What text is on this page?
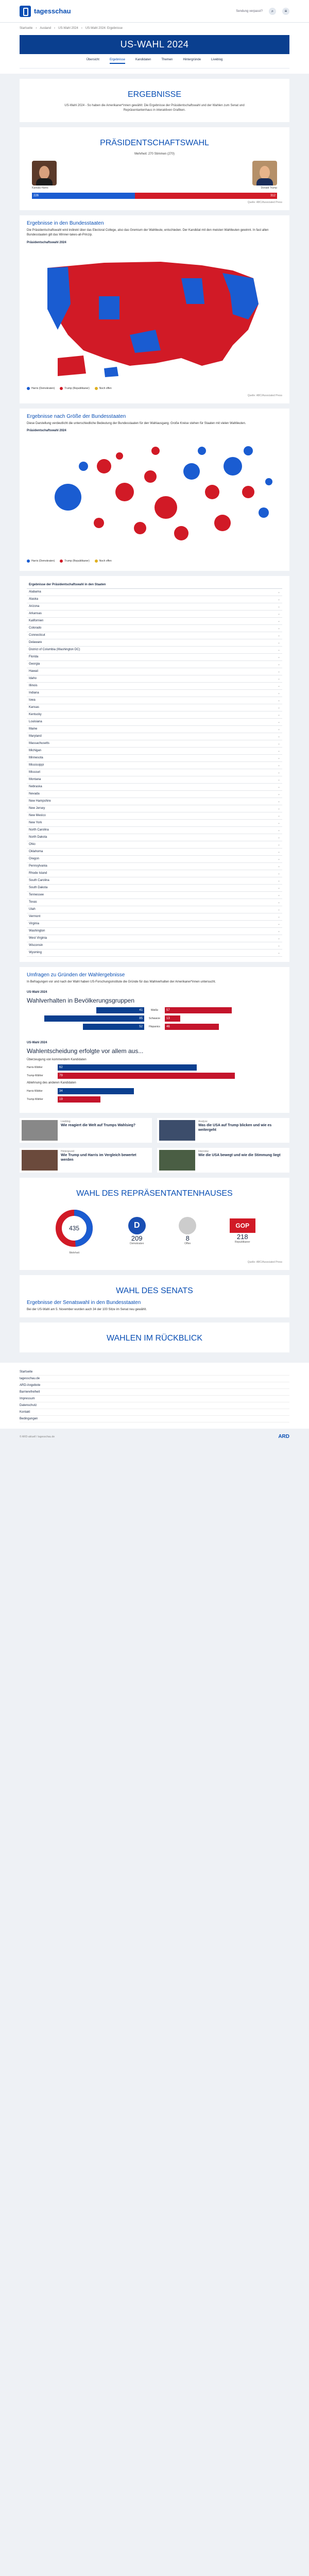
tagesschau	Sendung verpasst?	⌕	≡
Startseite › Ausland › US-Wahl 2024 › US-Wahl 2024: Ergebnisse
US-WAHL 2024
Übersicht	Ergebnisse	Kandidaten	Themen	Hintergründe	Liveblog
ERGEBNISSE
US-Wahl 2024 - So haben die Amerikaner*innen gewählt: Die Ergebnisse der Präsidentschaftswahl und der Wahlen zum Senat und Repräsentantenhaus in interaktiven Grafiken.
PRÄSIDENTSCHAFTSWAHL
Mehrheit: 270 Stimmen (270)
Kamala Harris	Donald Trump
226	312
Quelle: ABC/Associated Press
Ergebnisse in den Bundesstaaten
Die Präsidentschaftswahl wird indirekt über das Electoral College, also das Gremium der Wahlleute, entschieden. Der Kandidat mit den meisten Wahlleuten gewinnt. In fast allen Bundesstaaten gilt das Winner-takes-all-Prinzip.
Präsidentschaftswahl 2024
Harris (Demokraten)	Trump (Republikaner)	Noch offen
Quelle: ABC/Associated Press
Ergebnisse nach Größe der Bundesstaaten
Diese Darstellung verdeutlicht die unterschiedliche Bedeutung der Bundesstaaten für den Wahlausgang. Große Kreise stehen für Staaten mit vielen Wahlleuten.
Präsidentschaftswahl 2024
Harris (Demokraten)	Trump (Republikaner)	Noch offen
Ergebnisse der Präsidentschaftswahl in den Staaten
Alabama	⌄
Alaska	⌄
Arizona	⌄
Arkansas	⌄
Kalifornien	⌄
Colorado	⌄
Connecticut	⌄
Delaware	⌄
District of Columbia (Washington DC)	⌄
Florida	⌄
Georgia	⌄
Hawaii	⌄
Idaho	⌄
Illinois	⌄
Indiana	⌄
Iowa	⌄
Kansas	⌄
Kentucky	⌄
Louisiana	⌄
Maine	⌄
Maryland	⌄
Massachusetts	⌄
Michigan	⌄
Minnesota	⌄
Mississippi	⌄
Missouri	⌄
Montana	⌄
Nebraska	⌄
Nevada	⌄
New Hampshire	⌄
New Jersey	⌄
New Mexico	⌄
New York	⌄
North Carolina	⌄
North Dakota	⌄
Ohio	⌄
Oklahoma	⌄
Oregon	⌄
Pennsylvania	⌄
Rhode Island	⌄
South Carolina	⌄
South Dakota	⌄
Tennessee	⌄
Texas	⌄
Utah	⌄
Vermont	⌄
Virginia	⌄
Washington	⌄
West Virginia	⌄
Wisconsin	⌄
Wyoming	⌄
Umfragen zu Gründen der Wahlergebnisse
In Befragungen vor und nach der Wahl haben US-Forschungsinstitute die Gründe für das Wahlverhalten der Amerikaner*innen untersucht.
US-Wahl 2024
Wahlverhalten in Bevölkerungsgruppen
41	Weiße	57
85	Schwarze	13
52	Hispanics	46
US-Wahl 2024
Wahlentscheidung erfolgte vor allem aus...
Überzeugung von kommendem Kandidaten
Harris-Wähler	62
Trump-Wähler	79
Ablehnung des anderen Kandidaten
Harris-Wähler	34
Trump-Wähler	19
Liveblog
Wie reagiert die Welt auf Trumps Wahlsieg?
Analyse
Was die USA auf Trump blicken und wie es weitergeht
Hintergrund
Wie Trump und Harris im Vergleich bewertet werden
Interview
Wie die USA bewegt und wie die Stimmung liegt
WAHL DES REPRÄSENTANTENHAUSES
435
Mehrheit
D
209
Demokraten
8
Offen
GOP
218
Republikaner
Quelle: ABC/Associated Press
WAHL DES SENATS
Ergebnisse der Senatswahl in den Bundesstaaten
Bei der US-Wahl am 5. November wurden auch 34 der 100 Sitze im Senat neu gewählt.
WAHLEN IM RÜCKBLICK
Startseite
tagesschau.de
ARD-Angebote
Barrierefreiheit
Impressum
Datenschutz
Kontakt
Bedingungen
© ARD-aktuell / tagesschau.de	ARD
